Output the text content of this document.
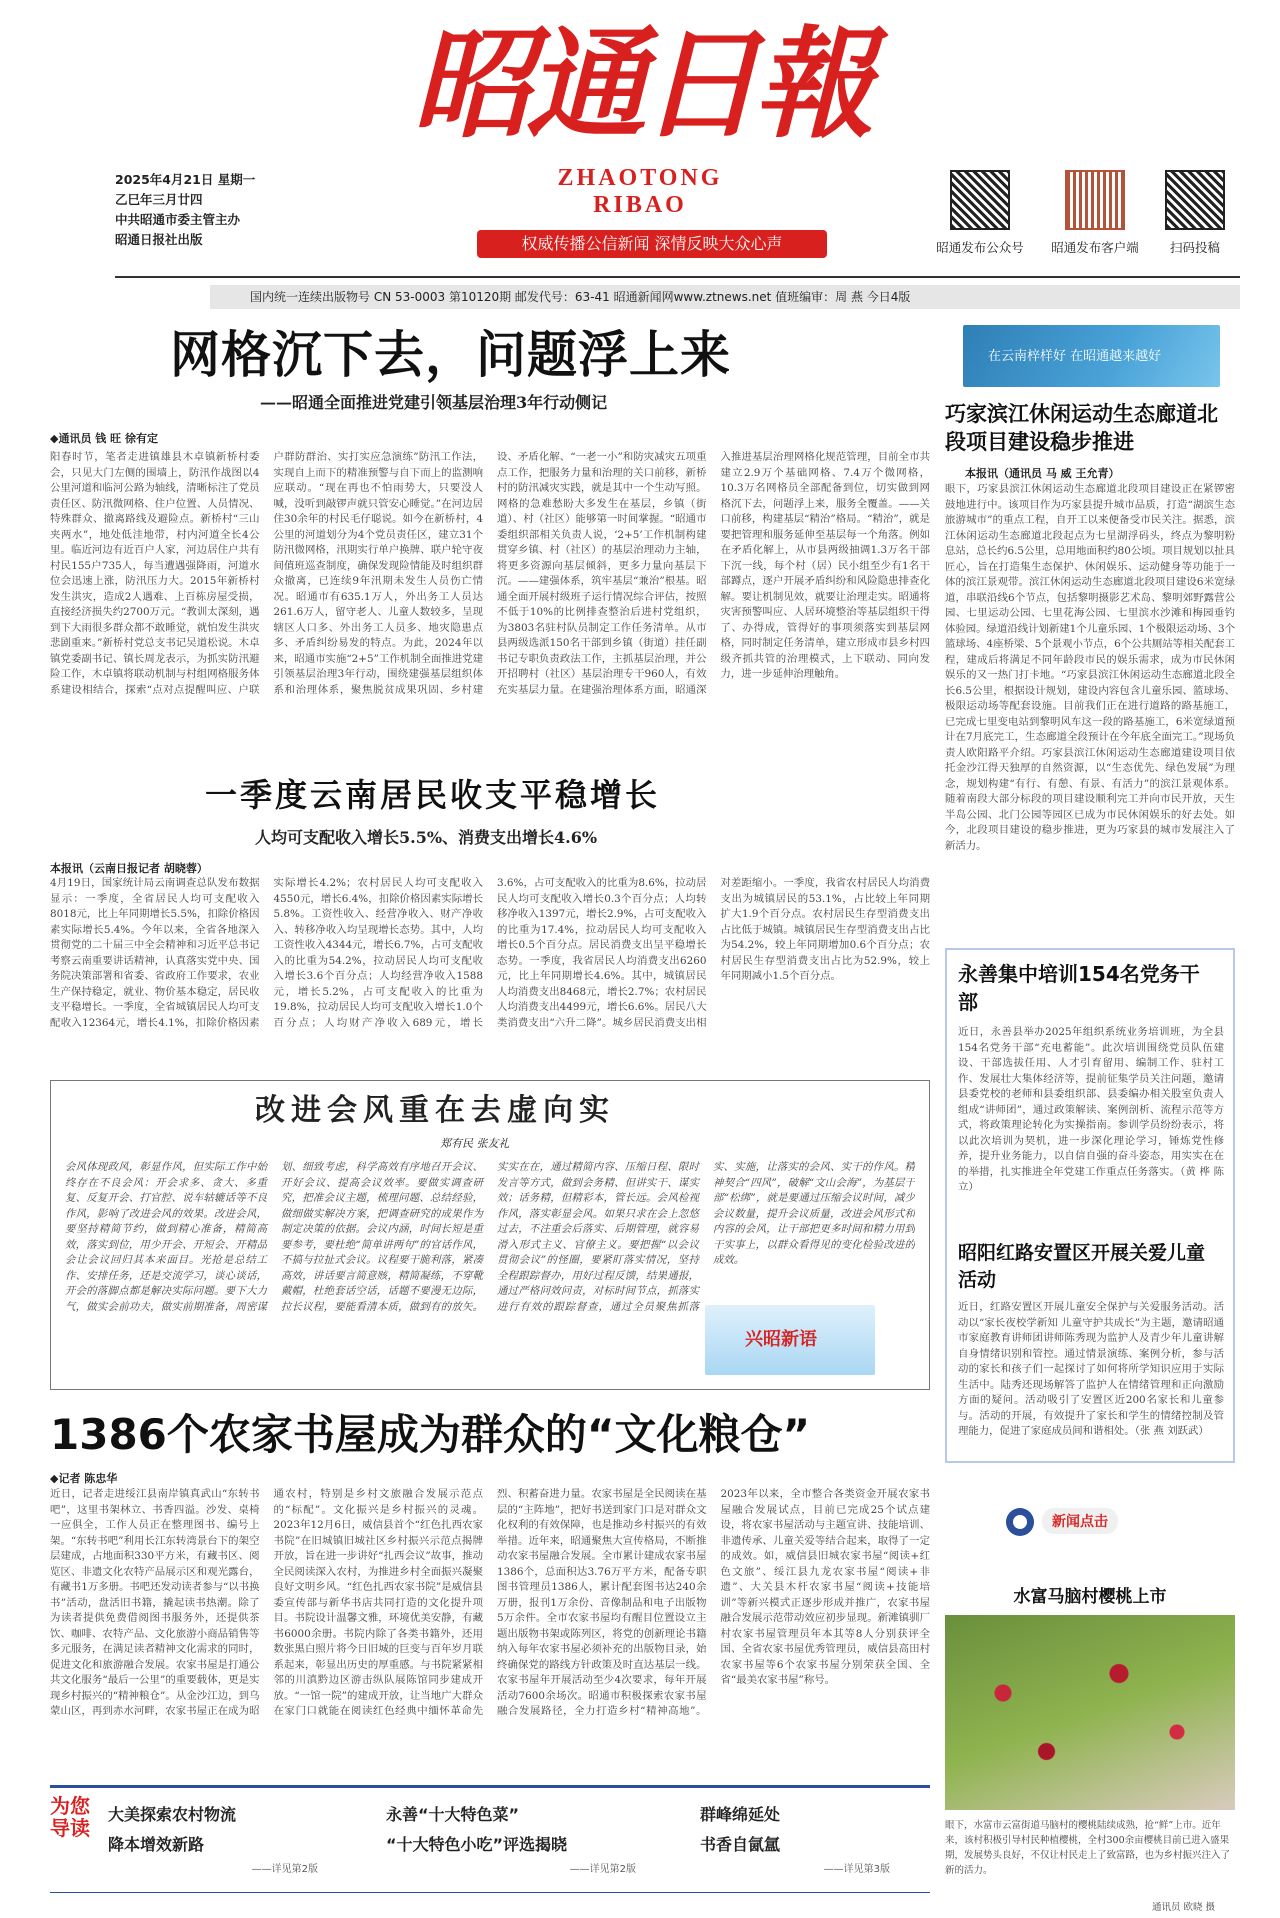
昭通日報
ZHAOTONG RIBAO
2025年4月21日 星期一
乙巳年三月廿四
中共昭通市委主管主办
昭通日报社出版	权威传播公信新闻 深情反映大众心声	昭通发布公众号	昭通发布客户端	扫码投稿
国内统一连续出版物号 CN 53-0003 第10120期 邮发代号：63-41 昭通新闻网www.ztnews.net 值班编审：周 燕 今日4版
网格沉下去，问题浮上来
——昭通全面推进党建引领基层治理3年行动侧记
◆通讯员 钱 旺 徐有定
阳春时节，笔者走进镇雄县木卓镇新桥村委会，只见大门左侧的围墙上，防汛作战图以4公里河道和临河公路为轴线，清晰标注了党员责任区、防汛微网格、住户位置、人员情况、特殊群众、撤离路线及避险点。新桥村“三山夹两水”，地处低洼地带，村内河道全长4公里。临近河边有近百户人家，河边居住户共有村民155户735人，每当遭遇强降雨，河道水位会迅速上涨，防汛压力大。2015年新桥村发生洪灾，造成2人遇难、上百栋房屋受损，直接经济损失约2700万元。“教训太深刻，遇到下大雨很多群众都不敢睡觉，就怕发生洪灾悲剧重来。”新桥村党总支书记吴道松说。木卓镇党委副书记、镇长周龙表示，为抓实防汛避险工作，木卓镇将联动机制与村组网格服务体系建设相结合，探索“点对点提醒叫应、户联户群防群治、实打实应急演练”防汛工作法，实现自上而下的精准预警与自下而上的监测响应联动。“现在再也不怕雨势大，只要没人喊，没听到敲锣声就只管安心睡觉。”在河边居住30余年的村民毛仔聪说。如今在新桥村，4公里的河道划分为4个党员责任区，建立31个防汛微网格，汛期实行单户换牌、联户轮守夜间值班巡查制度，确保发现险情能及时组织群众撤离，已连续9年汛期未发生人员伤亡情况。昭通市有635.1万人，外出务工人员达261.6万人，留守老人、儿童人数较多，呈现辖区人口多、外出务工人员多、地灾隐患点多、矛盾纠纷易发的特点。为此，2024年以来，昭通市实施“2+5”工作机制全面推进党建引领基层治理3年行动，围绕建强基层组织体系和治理体系，聚焦脱贫成果巩固、乡村建设、矛盾化解、“一老一小”和防灾减灾五项重点工作，把服务力量和治理的关口前移，新桥村的防汛减灾实践，就是其中一个生动写照。网格的急难愁盼大多发生在基层，乡镇（街道）、村（社区）能够第一时间掌握。“昭通市委组织部相关负责人说，‘2+5’工作机制构建贯穿乡镇、村（社区）的基层治理动力主轴，将更多资源向基层倾斜，更多力量向基层下沉。——建强体系，筑牢基层“兼治”根基。昭通全面开展村级班子运行情况综合评估，按照不低于10%的比例排查整治后进村党组织，为3803名驻村队员制定工作任务清单。从市县两级选派150名干部到乡镇（街道）挂任副书记专职负责政法工作，主抓基层治理，并公开招聘村（社区）基层治理专干960人，有效充实基层力量。在建强治理体系方面，昭通深入推进基层治理网格化规范管理，目前全市共建立2.9万个基础网格、7.4万个微网格，10.3万名网格员全部配备到位，切实做到网格沉下去，问题浮上来，服务全覆盖。——关口前移，构建基层“精治”格局。“精治”，就是要把管理和服务延伸至基层每一个角落。例如在矛盾化解上，从市县两级抽调1.3万名干部下沉一线，每个村（居）民小组至少有1名干部蹲点，逐户开展矛盾纠纷和风险隐患排查化解。要让机制见效，就要让治理走实。昭通将灾害预警叫应、人居环境整治等基层组织干得了、办得成，管得好的事项须落实到基层网格，同时制定任务清单，建立形成市县乡村四级齐抓共管的治理模式，上下联动、同向发力，进一步延伸治理触角。
一季度云南居民收支平稳增长
人均可支配收入增长5.5%、消费支出增长4.6%
本报讯（云南日报记者 胡晓蓉）
4月19日，国家统计局云南调查总队发布数据显示：一季度，全省居民人均可支配收入8018元，比上年同期增长5.5%，扣除价格因素实际增长5.4%。今年以来，全省各地深入贯彻党的二十届三中全会精神和习近平总书记考察云南重要讲话精神，认真落实党中央、国务院决策部署和省委、省政府工作要求，农业生产保持稳定，就业、物价基本稳定，居民收支平稳增长。一季度，全省城镇居民人均可支配收入12364元，增长4.1%，扣除价格因素实际增长4.2%；农村居民人均可支配收入4550元，增长6.4%，扣除价格因素实际增长5.8%。工资性收入、经营净收入、财产净收入、转移净收入均呈现增长态势。其中，人均工资性收入4344元，增长6.7%，占可支配收入的比重为54.2%，拉动居民人均可支配收入增长3.6个百分点；人均经营净收入1588元，增长5.2%，占可支配收入的比重为19.8%，拉动居民人均可支配收入增长1.0个百分点；人均财产净收入689元，增长3.6%，占可支配收入的比重为8.6%，拉动居民人均可支配收入增长0.3个百分点；人均转移净收入1397元，增长2.9%，占可支配收入的比重为17.4%，拉动居民人均可支配收入增长0.5个百分点。居民消费支出呈平稳增长态势。一季度，我省居民人均消费支出6260元，比上年同期增长4.6%。其中，城镇居民人均消费支出8468元，增长2.7%；农村居民人均消费支出4499元，增长6.6%。居民八大类消费支出“六升二降”。城乡居民消费支出相对差距缩小。一季度，我省农村居民人均消费支出为城镇居民的53.1%，占比较上年同期扩大1.9个百分点。农村居民生存型消费支出占比低于城镇。城镇居民生存型消费支出占比为54.2%，较上年同期增加0.6个百分点；农村居民生存型消费支出占比为52.9%，较上年同期减小1.5个百分点。
改进会风重在去虚向实
郑有民 张友礼
会风体现政风，彰显作风，但实际工作中始终存在不良会风：开会求多、贪大、多重复、反复开会、打官腔、说车轱辘话等不良作风，影响了改进会风的效果。改进会风，要坚持精简节约，做到精心准备，精简高效，落实到位，用少开会、开短会、开精品会让会议回归其本来面目。光抢是总结工作、安排任务，还是交流学习，谈心谈话，开会的落脚点都是解决实际问题。要下大力气，做实会前功夫，做实前期准备，周密谋划、细致考虑，科学高效有序地召开会议、开好会议、提高会议效率。要做实调查研究，把准会议主题，梳理问题、总结经验，做细做实解决方案，把调查研究的成果作为制定决策的依据。会议内涵，时间长短是重要参考，要杜绝“简单讲两句”的官话作风，不搞与拉扯式会议。议程要干脆利落，紧凑高效，讲话要言简意赅，精简凝练，不穿靴戴帽，杜绝套话空话，话题不要漫无边际，拉长议程，要能看清本质，做到有的放矢。实实在在，通过精简内容、压缩日程、限时发言等方式，做到会务精、但讲实干、谋实效；话务精，但精彩本，管长远。会风检视作风，落实彰显会风。如果只求在会上忽悠过去，不注重会后落实、后期管理，就容易滑入形式主义、官僚主义。要把握“以会议贯彻会议”的怪圈，要紧盯落实情况，坚持全程跟踪督办，用好过程反馈，结果通报，通过严格问效问责，对标时间节点，抓落实进行有效的跟踪督查，通过全员聚焦抓落实、实施，让落实的会风、实干的作风。精神契合“四风”，破解“文山会海”，为基层干部“松绑”，就是要通过压缩会议时间，减少会议数量，提升会议质量，改进会风形式和内容的会风，让干部把更多时间和精力用到干实事上，以群众看得见的变化检验改进的成效。
兴昭新语
1386个农家书屋成为群众的“文化粮仓”
◆记者 陈忠华
近日，记者走进绥江县南岸镇真武山“东转书吧”，这里书架林立、书香四溢。沙发、桌椅一应俱全，工作人员正在整理图书、编号上架。“东转书吧”利用长江东转湾景台下的架空层建成，占地面积330平方米，有藏书区、阅览区、非遗文化农特产品展示区和观光露台，有藏书1万多册。书吧还发动读者参与“以书换书”活动，盘活旧书籍，撬起读书热潮。除了为读者提供免费借阅图书服务外，还提供茶饮、咖啡、农特产品、文化旅游小商品销售等多元服务，在满足读者精神文化需求的同时，促进文化和旅游融合发展。农家书屋是打通公共文化服务“最后一公里”的重要载体，更是实现乡村振兴的“精神粮仓”。从金沙江边，到乌蒙山区，再到赤水河畔，农家书屋正在成为昭通农村，特别是乡村文旅融合发展示范点的“标配”。文化振兴是乡村振兴的灵魂。2023年12月6日，威信县首个“红色扎西农家书院”在旧城镇旧城社区乡村振兴示范点揭牌开放，旨在进一步讲好“扎西会议”故事，推动全民阅读深入农村，为推进乡村全面振兴凝聚良好文明乡风。“红色扎西农家书院”是威信县委宣传部与新华书店共同打造的文化提升项目。书院设计温馨文雅，环境优美安静，有藏书6000余册。书院内除了各类书籍外，还用数张黑白照片将今日旧城的巨变与百年岁月联系起来，彰显出历史的厚重感。与书院紧紧相邻的川滇黔边区游击纵队展陈馆同步建成开放。“一馆一院”的建成开放，让当地广大群众在家门口就能在阅读红色经典中缅怀革命先烈、积蓄奋进力量。农家书屋是全民阅读在基层的“主阵地”，把好书送到家门口是对群众文化权利的有效保障，也是推动乡村振兴的有效举措。近年来，昭通聚焦大宣传格局，不断推动农家书屋融合发展。全市累计建成农家书屋1386个，总面积达3.76万平方米，配备专职图书管理员1386人，累计配套图书达240余万册，报刊1万余份、音像制品和电子出版物5万余件。全市农家书屋均有醒目位置设立主题出版物书架或陈列区，将党的创新理论书籍纳入每年农家书屋必须补充的出版物目录，始终确保党的路线方针政策及时直达基层一线。农家书屋年开展活动至少4次要求，每年开展活动7600余场次。昭通市积极探索农家书屋融合发展路径，全力打造乡村“精神高地”。2023年以来，全市整合各类资金开展农家书屋融合发展试点，目前已完成25个试点建设，将农家书屋活动与主题宣讲、技能培训、非遗传承、儿童关爱等结合起来，取得了一定的成效。如，威信县旧城农家书屋“阅读+红色文旅”、绥江县九龙农家书屋“阅读+非遗”、大关县木杆农家书屋“阅读+技能培训”等新兴模式正逐步形成并推广，农家书屋融合发展示范带动效应初步显现。新滩镇驯厂村农家书屋管理员年本其等8人分别获评全国、全省农家书屋优秀管理员，威信县高田村农家书屋等6个农家书屋分别荣获全国、全省“最美农家书屋”称号。
在云南梓样好 在昭通越来越好
巧家滨江休闲运动生态廊道北段项目建设稳步推进
本报讯（通讯员 马 威 王允青）
眼下，巧家县滨江休闲运动生态廊道北段项目建设正在紧锣密鼓地进行中。该项目作为巧家县提升城市品质，打造“湖滨生态旅游城市”的重点工程，自开工以来便备受市民关注。据悉，滨江休闲运动生态廊道北段起点为七星湖浮码头，终点为黎明粉息站，总长约6.5公里，总用地面积约80公顷。项目规划以扯具匠心，旨在打造集生态保护、休闲娱乐、运动健身等功能于一体的滨江景观带。滨江休闲运动生态廊道北段项目建设6米宽绿道，串联沿线6个节点，包括黎明摄影艺术岛、黎明郊野露营公园、七里运动公园、七里花海公园、七里滨水沙滩和梅园垂钓体验园。绿道沿线计划新建1个儿童乐园、1个极限运动场、3个篮球场、4座桥梁、5个景观小节点，6个公共厕站等相关配套工程，建成后将满足不同年龄段市民的娱乐需求，成为市民休闲娱乐的又一热门打卡地。“巧家县滨江休闲运动生态廊道北段全长6.5公里，根据设计规划，建设内容包含儿童乐园、篮球场、极限运动场等配套设施。目前我们正在进行道路的路基施工，已完成七里变电站到黎明风车这一段的路基施工，6米宽绿道预计在7月底完工，生态廊道全段预计在今年底全面完工。”现场负责人欧阳路平介绍。巧家县滨江休闲运动生态廊道建设项目依托金沙江得天独厚的自然资源，以“生态优先、绿色发展”为理念，规划构建“有行、有憩、有景、有活力”的滨江景观体系。随着南段大部分标段的项目建设顺利完工并向市民开放，天生半岛公园、北门公园等园区已成为市民休闲娱乐的好去处。如今，北段项目建设的稳步推进，更为巧家县的城市发展注入了新活力。
永善集中培训154名党务干部
近日，永善县举办2025年组织系统业务培训班，为全县154名党务干部“充电蓄能”。此次培训围绕党员队伍建设、干部选拔任用、人才引育留用、编制工作、驻村工作、发展壮大集体经济等，提前征集学员关注问题，邀请县委党校的老师和县委组织部、县委编办相关股室负责人组成“讲师团”，通过政策解读、案例剖析、流程示范等方式，将政策理论转化为实操指南。参训学员纷纷表示，将以此次培训为契机，进一步深化理论学习，锤炼党性修养，提升业务能力，以自信自强的奋斗姿态，用实实在在的举措，扎实推进全年党建工作重点任务落实。（黄 桦 陈 立）
昭阳红路安置区开展关爱儿童活动
近日，红路安置区开展儿童安全保护与关爱服务活动。活动以“家长夜校学新知 儿童守护共成长”为主题，邀请昭通市家庭教育讲师团讲师陈秀现为监护人及青少年儿童讲解自身情绪识别和管控。通过情景演练、案例分析，参与活动的家长和孩子们一起探讨了如何将所学知识应用于实际生活中。陆秀还现场解答了监护人在情绪管理和正向激励方面的疑问。活动吸引了安置区近200名家长和儿童参与。活动的开展，有效提升了家长和学生的情绪控制及管理能力，促进了家庭成员间和谐相处。（张 燕 刘跃武）
新闻点击
水富马脑村樱桃上市
眼下，水富市云富街道马脑村的樱桃陆续成熟，抢“鲜”上市。近年来，该村积极引导村民种植樱桃，全村300余亩樱桃目前已进入盛果期，发展势头良好，不仅让村民走上了致富路，也为乡村振兴注入了新的活力。
通讯员 欧晓 摄
为您导读
大美探索农村物流
降本增效新路
——详见第2版
永善“十大特色菜”
“十大特色小吃”评选揭晓
——详见第2版
群峰绵延处
书香自氤氲
——详见第3版
